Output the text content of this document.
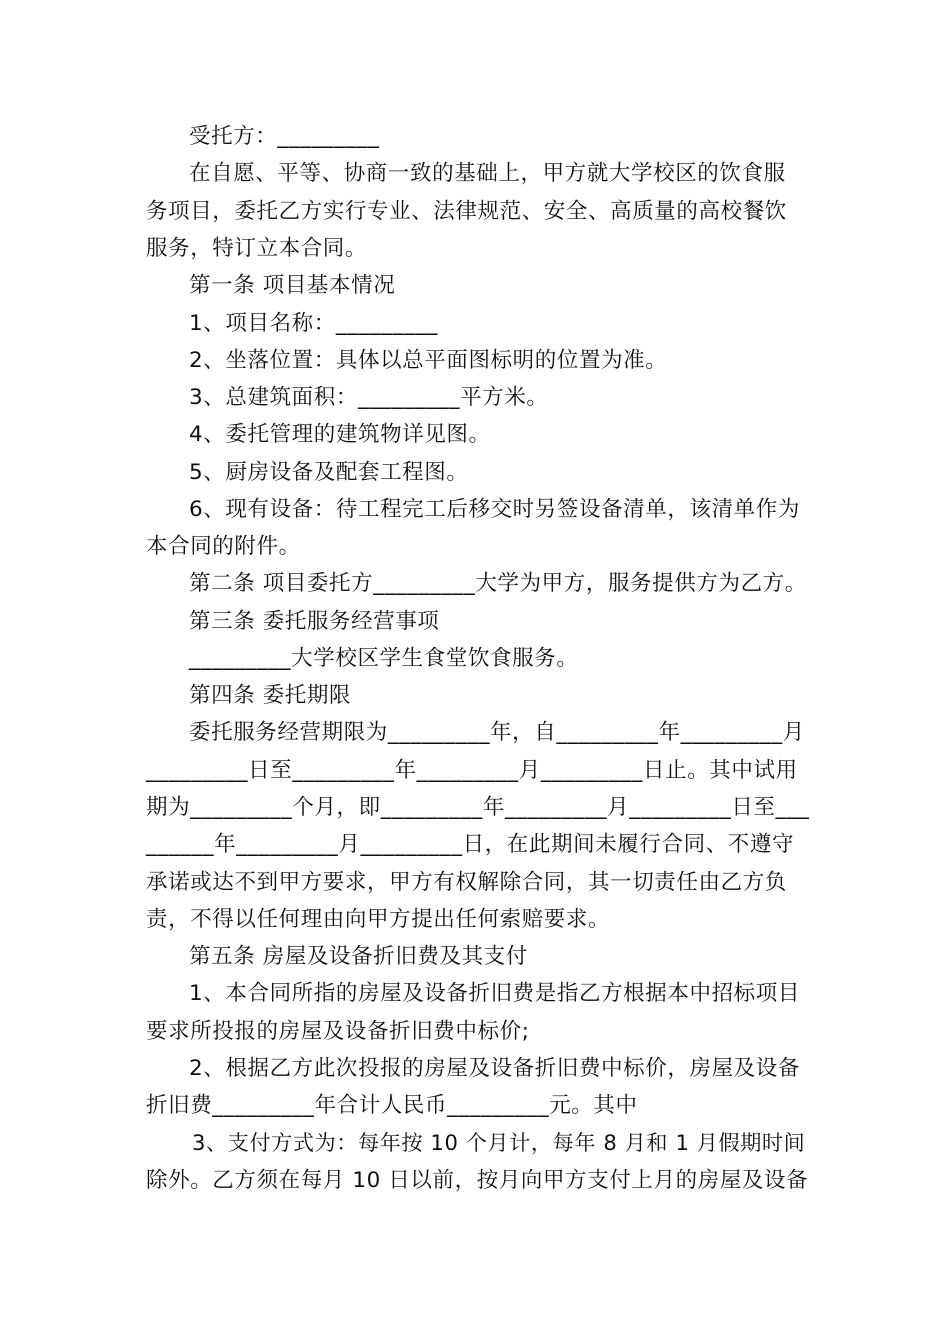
受托方：_________
在自愿、平等、协商一致的基础上，甲方就大学校区的饮食服
务项目，委托乙方实行专业、法律规范、安全、高质量的高校餐饮
服务，特订立本合同。
第一条 项目基本情况
1、项目名称：_________
2、坐落位置：具体以总平面图标明的位置为准。
3、总建筑面积：_________平方米。
4、委托管理的建筑物详见图。
5、厨房设备及配套工程图。
6、现有设备：待工程完工后移交时另签设备清单，该清单作为
本合同的附件。
第二条 项目委托方_________大学为甲方，服务提供方为乙方。
第三条 委托服务经营事项
_________大学校区学生食堂饮食服务。
第四条 委托期限
委托服务经营期限为_________年，自_________年_________月
_________日至_________年_________月_________日止。其中试用
期为_________个月，即_________年_________月_________日至___
______年_________月_________日，在此期间未履行合同、不遵守
承诺或达不到甲方要求，甲方有权解除合同，其一切责任由乙方负
责，不得以任何理由向甲方提出任何索赔要求。
第五条 房屋及设备折旧费及其支付
1、本合同所指的房屋及设备折旧费是指乙方根据本中招标项目
要求所投报的房屋及设备折旧费中标价;
2、根据乙方此次投报的房屋及设备折旧费中标价，房屋及设备
折旧费_________年合计人民币_________元。其中
3、支付方式为：每年按 10 个月计，每年 8 月和 1 月假期时间
除外。乙方须在每月 10 日以前，按月向甲方支付上月的房屋及设备
